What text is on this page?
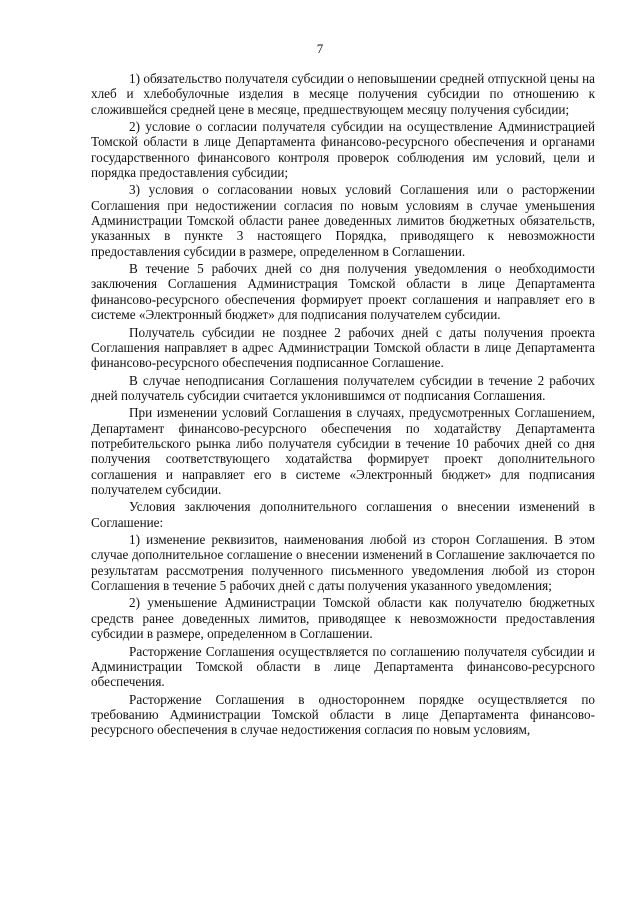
7

1) обязательство получателя субсидии о неповышении средней отпускной цены на хлеб и хлебобулочные изделия в месяце получения субсидии по отношению к сложившейся средней цене в месяце, предшествующем месяцу получения субсидии;

2) условие о согласии получателя субсидии на осуществление Администрацией Томской области в лице Департамента финансово-ресурсного обеспечения и органами государственного финансового контроля проверок соблюдения им условий, цели и порядка предоставления субсидии;

3) условия о согласовании новых условий Соглашения или о расторжении Соглашения при недостижении согласия по новым условиям в случае уменьшения Администрации Томской области ранее доведенных лимитов бюджетных обязательств, указанных в пункте 3 настоящего Порядка, приводящего к невозможности предоставления субсидии в размере, определенном в Соглашении.

В течение 5 рабочих дней со дня получения уведомления о необходимости заключения Соглашения Администрация Томской области в лице Департамента финансово-ресурсного обеспечения формирует проект соглашения и направляет его в системе «Электронный бюджет» для подписания получателем субсидии.

Получатель субсидии не позднее 2 рабочих дней с даты получения проекта Соглашения направляет в адрес Администрации Томской области в лице Департамента финансово-ресурсного обеспечения подписанное Соглашение.

В случае неподписания Соглашения получателем субсидии в течение 2 рабочих дней получатель субсидии считается уклонившимся от подписания Соглашения.

При изменении условий Соглашения в случаях, предусмотренных Соглашением, Департамент финансово-ресурсного обеспечения по ходатайству Департамента потребительского рынка либо получателя субсидии в течение 10 рабочих дней со дня получения соответствующего ходатайства формирует проект дополнительного соглашения и направляет его в системе «Электронный бюджет» для подписания получателем субсидии.

Условия заключения дополнительного соглашения о внесении изменений в Соглашение:

1) изменение реквизитов, наименования любой из сторон Соглашения. В этом случае дополнительное соглашение о внесении изменений в Соглашение заключается по результатам рассмотрения полученного письменного уведомления любой из сторон Соглашения в течение 5 рабочих дней с даты получения указанного уведомления;

2) уменьшение Администрации Томской области как получателю бюджетных средств ранее доведенных лимитов, приводящее к невозможности предоставления субсидии в размере, определенном в Соглашении.

Расторжение Соглашения осуществляется по соглашению получателя субсидии и Администрации Томской области в лице Департамента финансово-ресурсного обеспечения.

Расторжение Соглашения в одностороннем порядке осуществляется по требованию Администрации Томской области в лице Департамента финансово-ресурсного обеспечения в случае недостижения согласия по новым условиям,
